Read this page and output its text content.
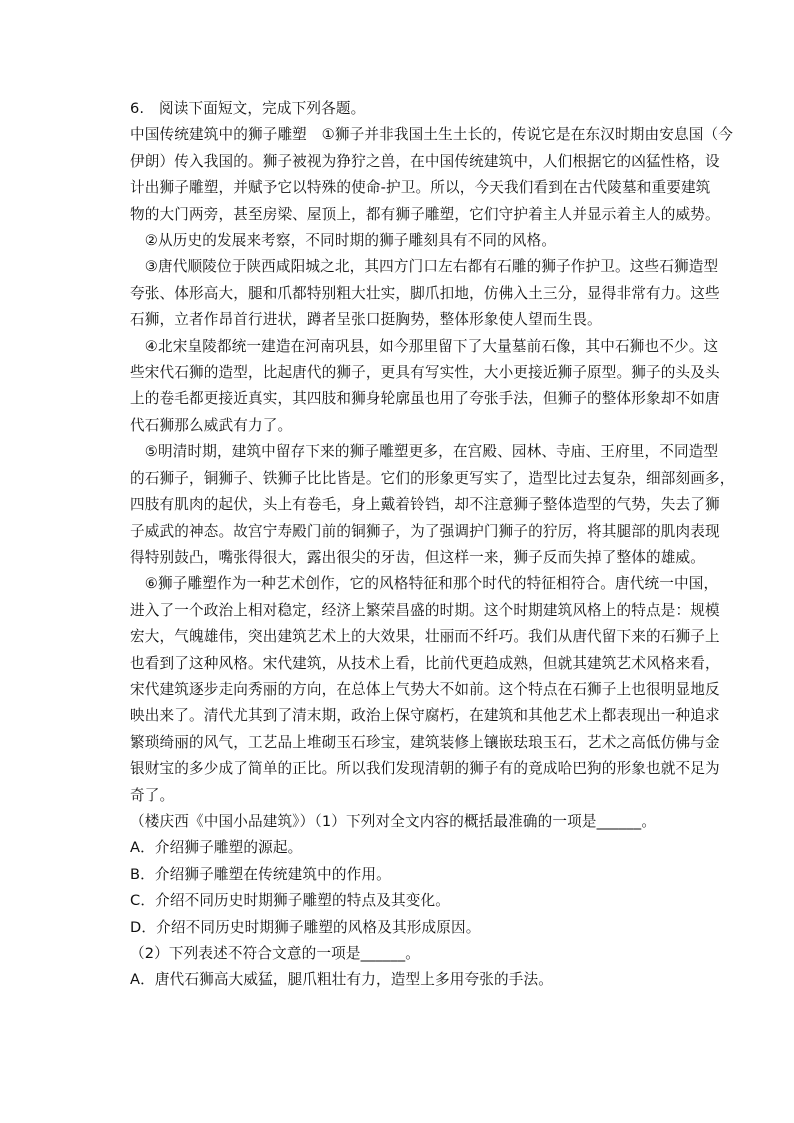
6.　阅读下面短文，完成下列各题。
中国传统建筑中的狮子雕塑　①狮子并非我国土生土长的，传说它是在东汉时期由安息国（今
伊朗）传入我国的。狮子被视为狰狞之兽，在中国传统建筑中，人们根据它的凶猛性格，设
计出狮子雕塑，并赋予它以特殊的使命-护卫。所以，今天我们看到在古代陵墓和重要建筑
物的大门两旁，甚至房梁、屋顶上，都有狮子雕塑，它们守护着主人并显示着主人的威势。
　②从历史的发展来考察，不同时期的狮子雕刻具有不同的风格。
　③唐代顺陵位于陕西咸阳城之北，其四方门口左右都有石雕的狮子作护卫。这些石狮造型
夸张、体形高大，腿和爪都特别粗大壮实，脚爪扣地，仿佛入土三分，显得非常有力。这些
石狮，立者作昂首行进状，蹲者呈张口挺胸势，整体形象使人望而生畏。
　④北宋皇陵都统一建造在河南巩县，如今那里留下了大量墓前石像，其中石狮也不少。这
些宋代石狮的造型，比起唐代的狮子，更具有写实性，大小更接近狮子原型。狮子的头及头
上的卷毛都更接近真实，其四肢和狮身轮廓虽也用了夸张手法，但狮子的整体形象却不如唐
代石狮那么威武有力了。
　⑤明清时期，建筑中留存下来的狮子雕塑更多，在宫殿、园林、寺庙、王府里，不同造型
的石狮子，铜狮子、铁狮子比比皆是。它们的形象更写实了，造型比过去复杂，细部刻画多，
四肢有肌肉的起伏，头上有卷毛，身上戴着铃铛，却不注意狮子整体造型的气势，失去了狮
子威武的神态。故宫宁寿殿门前的铜狮子，为了强调护门狮子的狞厉，将其腿部的肌肉表现
得特别鼓凸，嘴张得很大，露出很尖的牙齿，但这样一来，狮子反而失掉了整体的雄威。
　⑥狮子雕塑作为一种艺术创作，它的风格特征和那个时代的特征相符合。唐代统一中国，
进入了一个政治上相对稳定，经济上繁荣昌盛的时期。这个时期建筑风格上的特点是：规模
宏大，气魄雄伟，突出建筑艺术上的大效果，壮丽而不纤巧。我们从唐代留下来的石狮子上
也看到了这种风格。宋代建筑，从技术上看，比前代更趋成熟，但就其建筑艺术风格来看，
宋代建筑逐步走向秀丽的方向，在总体上气势大不如前。这个特点在石狮子上也很明显地反
映出来了。清代尤其到了清末期，政治上保守腐朽，在建筑和其他艺术上都表现出一种追求
繁琐绮丽的风气，工艺品上堆砌玉石珍宝，建筑装修上镶嵌珐琅玉石，艺术之高低仿佛与金
银财宝的多少成了简单的正比。所以我们发现清朝的狮子有的竟成哈巴狗的形象也就不足为
奇了。
（楼庆西《中国小品建筑》）（1）下列对全文内容的概括最准确的一项是______。
A．介绍狮子雕塑的源起。
B．介绍狮子雕塑在传统建筑中的作用。
C．介绍不同历史时期狮子雕塑的特点及其变化。
D．介绍不同历史时期狮子雕塑的风格及其形成原因。
（2）下列表述不符合文意的一项是______。
A．唐代石狮高大威猛，腿爪粗壮有力，造型上多用夸张的手法。
